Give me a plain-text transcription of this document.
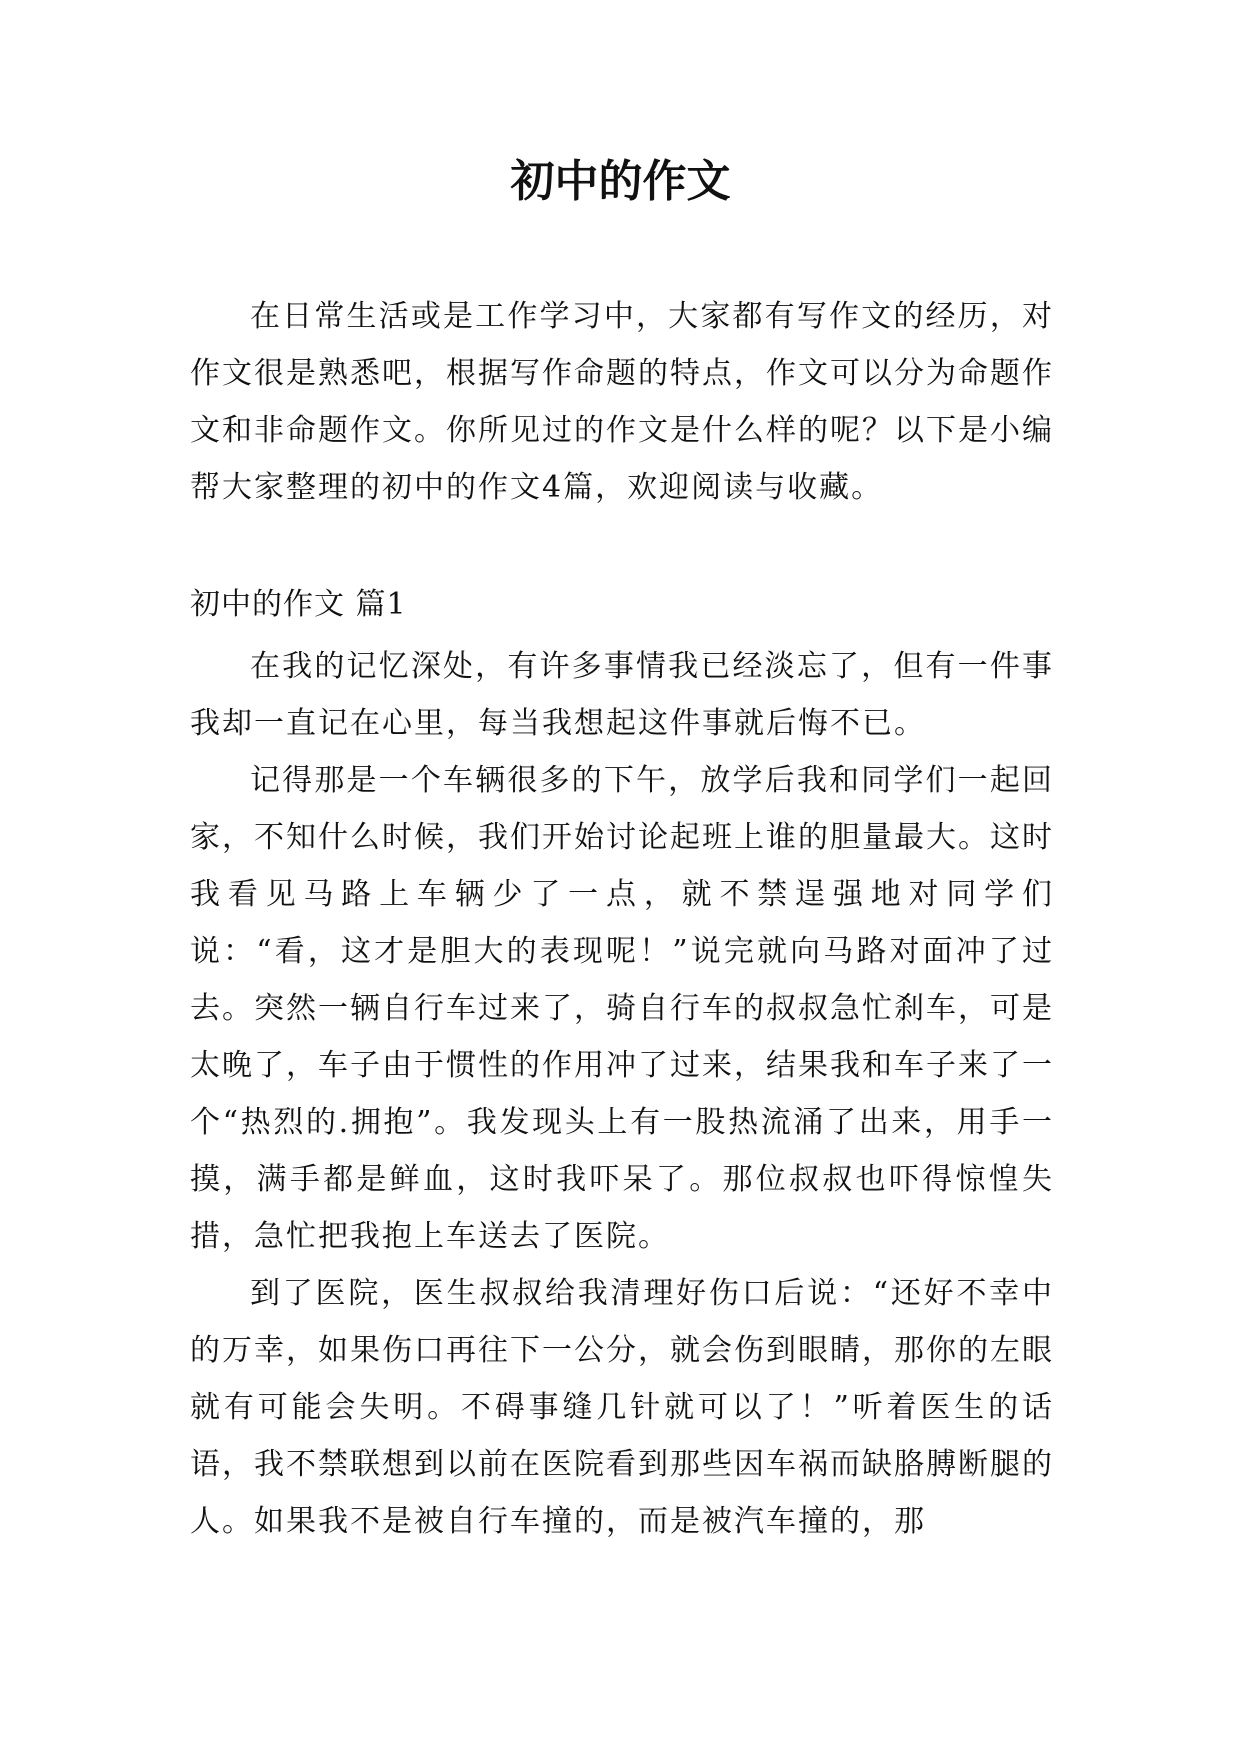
初中的作文

在日常生活或是工作学习中，大家都有写作文的经历，对作文很是熟悉吧，根据写作命题的特点，作文可以分为命题作文和非命题作文。你所见过的作文是什么样的呢？以下是小编帮大家整理的初中的作文4篇，欢迎阅读与收藏。

初中的作文 篇1

在我的记忆深处，有许多事情我已经淡忘了，但有一件事我却一直记在心里，每当我想起这件事就后悔不已。

记得那是一个车辆很多的下午，放学后我和同学们一起回家，不知什么时候，我们开始讨论起班上谁的胆量最大。这时我看见马路上车辆少了一点，就不禁逞强地对同学们说：“看，这才是胆大的表现呢！”说完就向马路对面冲了过去。突然一辆自行车过来了，骑自行车的叔叔急忙刹车，可是太晚了，车子由于惯性的作用冲了过来，结果我和车子来了一个“热烈的.拥抱”。我发现头上有一股热流涌了出来，用手一摸，满手都是鲜血，这时我吓呆了。那位叔叔也吓得惊惶失措，急忙把我抱上车送去了医院。

到了医院，医生叔叔给我清理好伤口后说：“还好不幸中的万幸，如果伤口再往下一公分，就会伤到眼睛，那你的左眼就有可能会失明。不碍事缝几针就可以了！”听着医生的话语，我不禁联想到以前在医院看到那些因车祸而缺胳膊断腿的人。如果我不是被自行车撞的，而是被汽车撞的，那
